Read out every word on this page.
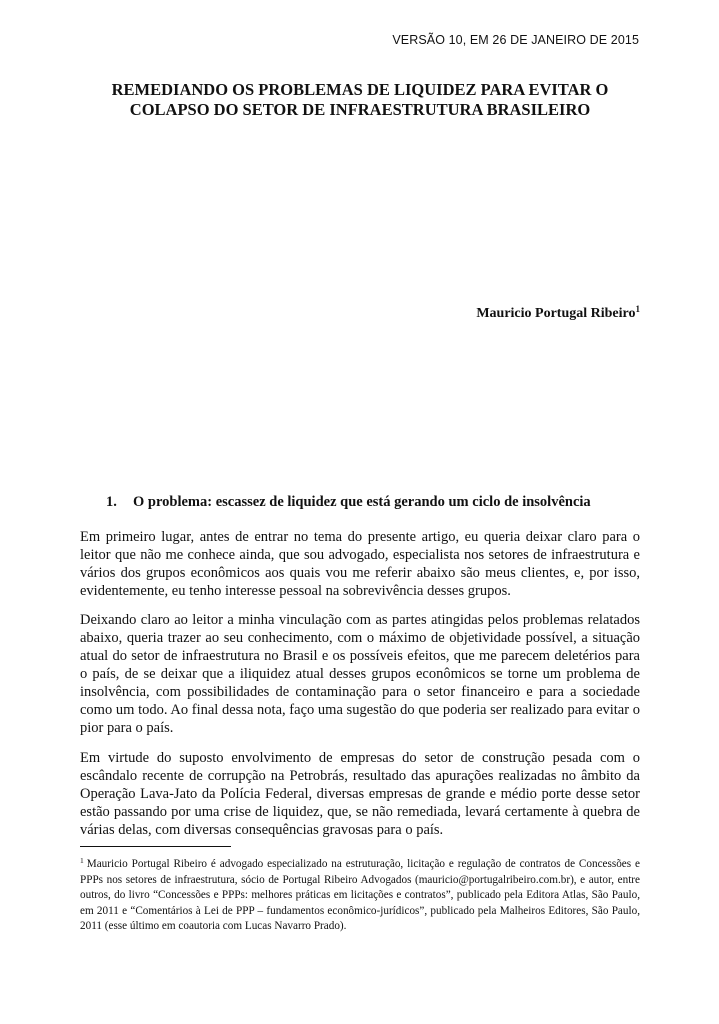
VERSÃO 10, EM 26 DE JANEIRO DE 2015
REMEDIANDO OS PROBLEMAS DE LIQUIDEZ PARA EVITAR O
COLAPSO DO SETOR DE INFRAESTRUTURA BRASILEIRO
Mauricio Portugal Ribeiro$^1$
1. O problema: escassez de liquidez que está gerando um ciclo de insolvência

Em primeiro lugar, antes de entrar no tema do presente artigo, eu queria deixar claro para o leitor que não me conhece ainda, que sou advogado, especialista nos setores de infraestrutura e vários dos grupos econômicos aos quais vou me referir abaixo são meus clientes, e, por isso, evidentemente, eu tenho interesse pessoal na sobrevivência desses grupos.

Deixando claro ao leitor a minha vinculação com as partes atingidas pelos problemas relatados abaixo, queria trazer ao seu conhecimento, com o máximo de objetividade possível, a situação atual do setor de infraestrutura no Brasil e os possíveis efeitos, que me parecem deletérios para o país, de se deixar que a iliquidez atual desses grupos econômicos se torne um problema de insolvência, com possibilidades de contaminação para o setor financeiro e para a sociedade como um todo. Ao final dessa nota, faço uma sugestão do que poderia ser realizado para evitar o pior para o país.

Em virtude do suposto envolvimento de empresas do setor de construção pesada com o escândalo recente de corrupção na Petrobrás, resultado das apurações realizadas no âmbito da Operação Lava-Jato da Polícia Federal, diversas empresas de grande e médio porte desse setor estão passando por uma crise de liquidez, que, se não remediada, levará certamente à quebra de várias delas, com diversas consequências gravosas para o país.

$^1$ Mauricio Portugal Ribeiro é advogado especializado na estruturação, licitação e regulação de contratos de Concessões e PPPs nos setores de infraestrutura, sócio de Portugal Ribeiro Advogados (mauricio@portugalribeiro.com.br), e autor, entre outros, do livro “Concessões e PPPs: melhores práticas em licitações e contratos”, publicado pela Editora Atlas, São Paulo, em 2011 e “Comentários à Lei de PPP – fundamentos econômico-jurídicos”, publicado pela Malheiros Editores, São Paulo, 2011 (esse último em coautoria com Lucas Navarro Prado).
